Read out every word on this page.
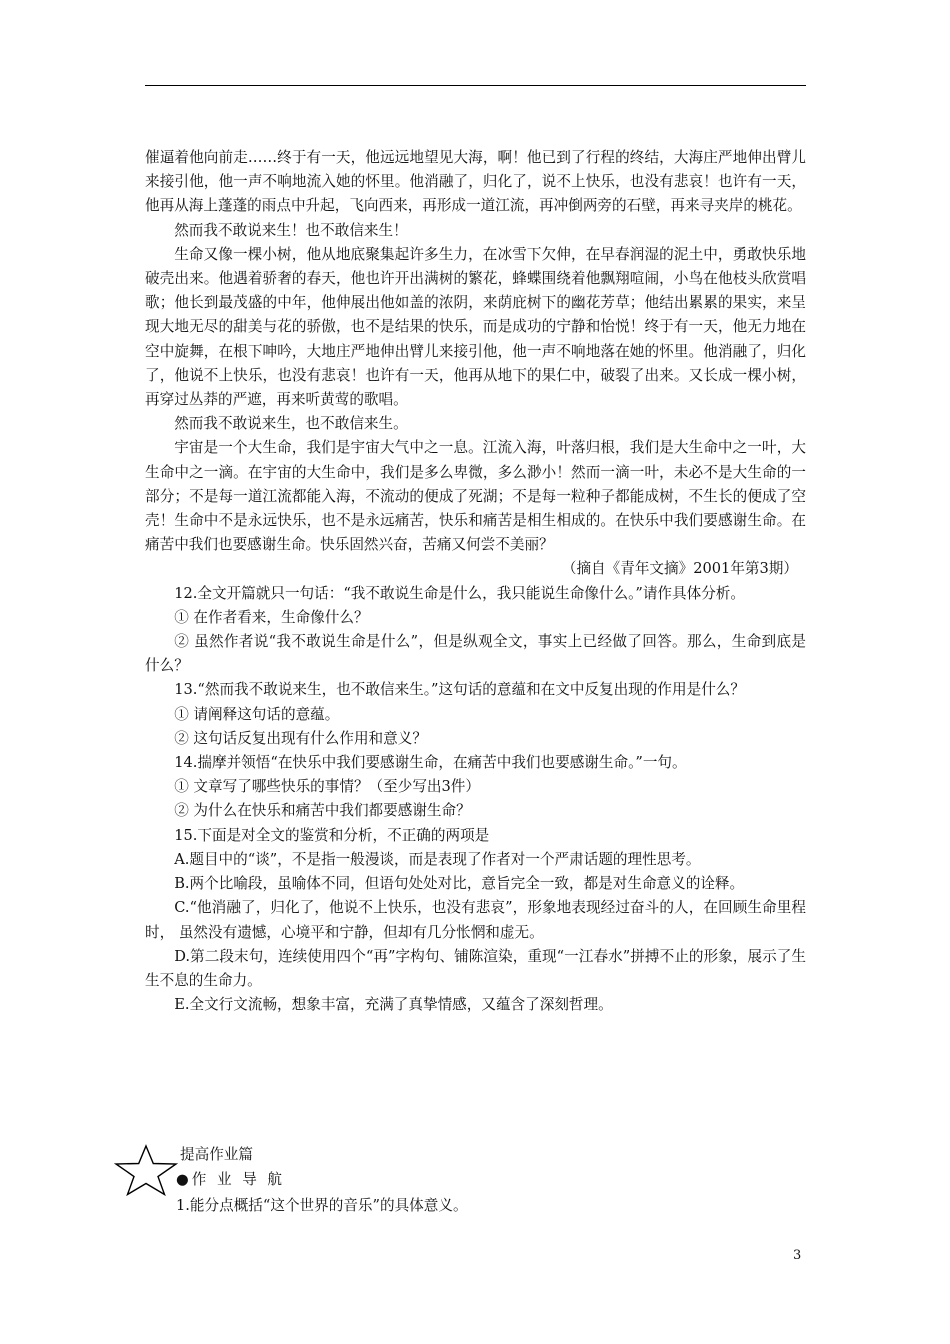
催逼着他向前走……终于有一天，他远远地望见大海，啊！他已到了行程的终结，大海庄严地伸出臂儿来接引他，他一声不响地流入她的怀里。他消融了，归化了，说不上快乐，也没有悲哀！也许有一天，他再从海上蓬蓬的雨点中升起，飞向西来，再形成一道江流，再冲倒两旁的石壁，再来寻夹岸的桃花。

然而我不敢说来生！也不敢信来生！

生命又像一棵小树，他从地底聚集起许多生力，在冰雪下欠伸，在早春润湿的泥土中，勇敢快乐地破壳出来。他遇着骄奢的春天，他也许开出满树的繁花，蜂蝶围绕着他飘翔喧闹，小鸟在他枝头欣赏唱歌；他长到最茂盛的中年，他伸展出他如盖的浓阴，来荫庇树下的幽花芳草；他结出累累的果实，来呈现大地无尽的甜美与花的骄傲，也不是结果的快乐，而是成功的宁静和怡悦！终于有一天，他无力地在空中旋舞，在根下呻吟，大地庄严地伸出臂儿来接引他，他一声不响地落在她的怀里。他消融了，归化了，他说不上快乐，也没有悲哀！也许有一天，他再从地下的果仁中，破裂了出来。又长成一棵小树，再穿过丛莽的严遮，再来听黄莺的歌唱。

然而我不敢说来生，也不敢信来生。

宇宙是一个大生命，我们是宇宙大气中之一息。江流入海，叶落归根，我们是大生命中之一叶，大生命中之一滴。在宇宙的大生命中，我们是多么卑微，多么渺小！然而一滴一叶，未必不是大生命的一部分；不是每一道江流都能入海，不流动的便成了死湖；不是每一粒种子都能成树，不生长的便成了空壳！生命中不是永远快乐，也不是永远痛苦，快乐和痛苦是相生相成的。在快乐中我们要感谢生命。在痛苦中我们也要感谢生命。快乐固然兴奋，苦痛又何尝不美丽？

（摘自《青年文摘》2001年第3期）

12.全文开篇就只一句话：“我不敢说生命是什么，我只能说生命像什么。”请作具体分析。

① 在作者看来，生命像什么？

② 虽然作者说“我不敢说生命是什么”，但是纵观全文，事实上已经做了回答。那么，生命到底是什么？

13.“然而我不敢说来生，也不敢信来生。”这句话的意蕴和在文中反复出现的作用是什么？

① 请阐释这句话的意蕴。

② 这句话反复出现有什么作用和意义？

14.揣摩并领悟“在快乐中我们要感谢生命，在痛苦中我们也要感谢生命。”一句。

① 文章写了哪些快乐的事情？（至少写出3件）

② 为什么在快乐和痛苦中我们都要感谢生命？

15.下面是对全文的鉴赏和分析，不正确的两项是

A.题目中的“谈”，不是指一般漫谈，而是表现了作者对一个严肃话题的理性思考。

B.两个比喻段，虽喻体不同，但语句处处对比，意旨完全一致，都是对生命意义的诠释。

C.“他消融了，归化了，他说不上快乐，也没有悲哀”，形象地表现经过奋斗的人，在回顾生命里程时， 虽然没有遗憾，心境平和宁静，但却有几分怅惘和虚无。

D.第二段末句，连续使用四个“再”字构句、铺陈渲染，重现“一江春水”拼搏不止的形象，展示了生生不息的生命力。

E.全文行文流畅，想象丰富，充满了真挚情感，又蕴含了深刻哲理。

提高作业篇
●作 业 导 航
1.能分点概括“这个世界的音乐”的具体意义。
3
